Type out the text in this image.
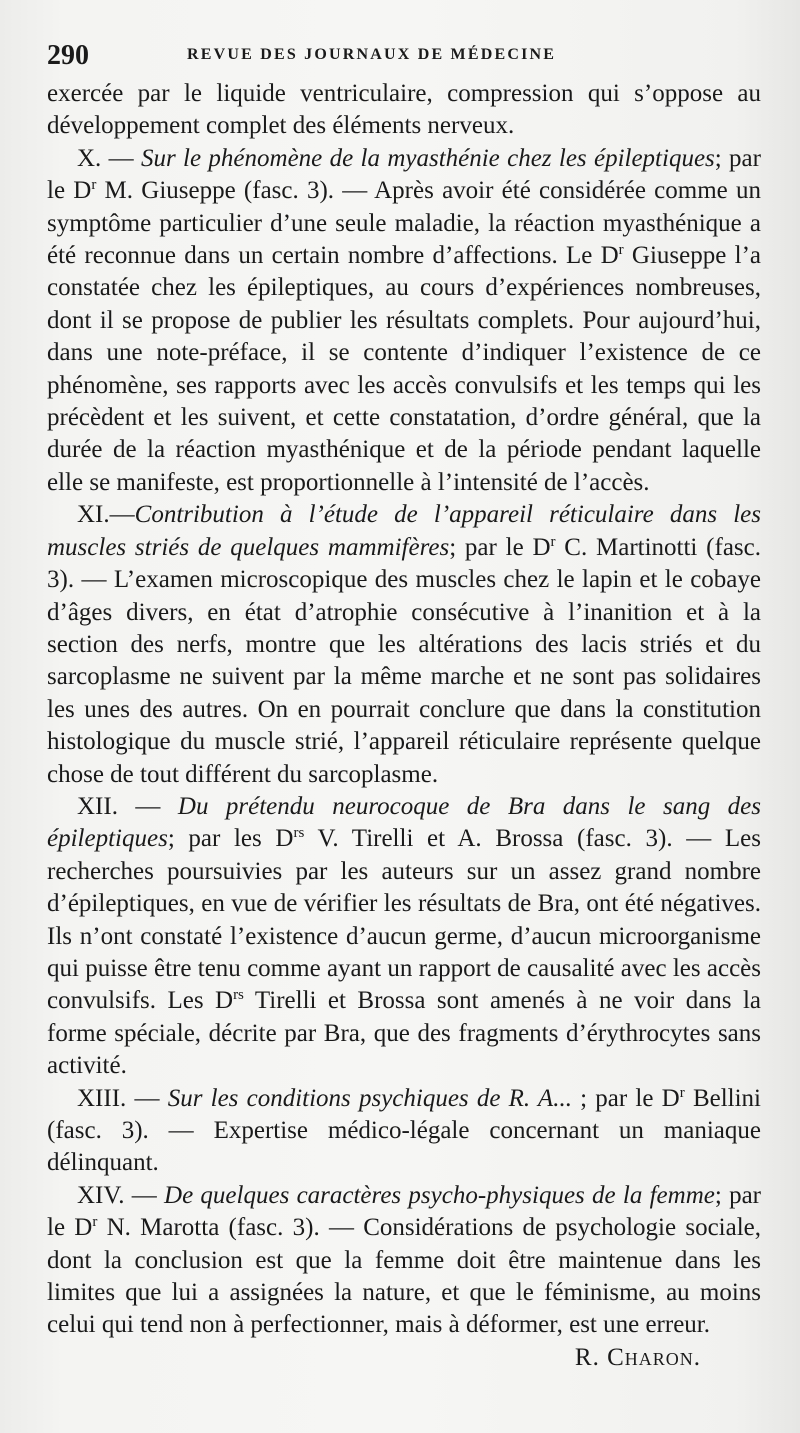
290	REVUE DES JOURNAUX DE MÉDECINE

exercée par le liquide ventriculaire, compression qui s’oppose au développement complet des éléments nerveux.

X. — Sur le phénomène de la myasthénie chez les épileptiques; par le $D^r$ M. Giuseppe (fasc. 3). — Après avoir été considérée comme un symptôme particulier d’une seule maladie, la réaction myasthénique a été reconnue dans un certain nombre d’affections. Le $D^r$ Giuseppe l’a constatée chez les épileptiques, au cours d’expériences nombreuses, dont il se propose de publier les résultats complets. Pour aujourd’hui, dans une note-préface, il se contente d’indiquer l’existence de ce phénomène, ses rapports avec les accès convulsifs et les temps qui les précèdent et les suivent, et cette constatation, d’ordre général, que la durée de la réaction myasthénique et de la période pendant laquelle elle se manifeste, est proportionnelle à l’intensité de l’accès.

XI.—Contribution à l’étude de l’appareil réticulaire dans les muscles striés de quelques mammifères; par le $D^r$ C. Martinotti (fasc. 3). — L’examen microscopique des muscles chez le lapin et le cobaye d’âges divers, en état d’atrophie consécutive à l’inanition et à la section des nerfs, montre que les altérations des lacis striés et du sarcoplasme ne suivent par la même marche et ne sont pas solidaires les unes des autres. On en pourrait conclure que dans la constitution histologique du muscle strié, l’appareil réticulaire représente quelque chose de tout différent du sarcoplasme.

XII. — Du prétendu neurocoque de Bra dans le sang des épileptiques; par les $D^{rs}$ V. Tirelli et A. Brossa (fasc. 3). — Les recherches poursuivies par les auteurs sur un assez grand nombre d’épileptiques, en vue de vérifier les résultats de Bra, ont été négatives. Ils n’ont constaté l’existence d’aucun germe, d’aucun microorganisme qui puisse être tenu comme ayant un rapport de causalité avec les accès convulsifs. Les $D^{rs}$ Tirelli et Brossa sont amenés à ne voir dans la forme spéciale, décrite par Bra, que des fragments d’érythrocytes sans activité.

XIII. — Sur les conditions psychiques de R. A... ; par le $D^r$ Bellini (fasc. 3). — Expertise médico-légale concernant un maniaque délinquant.

XIV. — De quelques caractères psycho-physiques de la femme; par le $D^r$ N. Marotta (fasc. 3). — Considérations de psychologie sociale, dont la conclusion est que la femme doit être maintenue dans les limites que lui a assignées la nature, et que le féminisme, au moins celui qui tend non à perfectionner, mais à déformer, est une erreur.
R. Charon.
